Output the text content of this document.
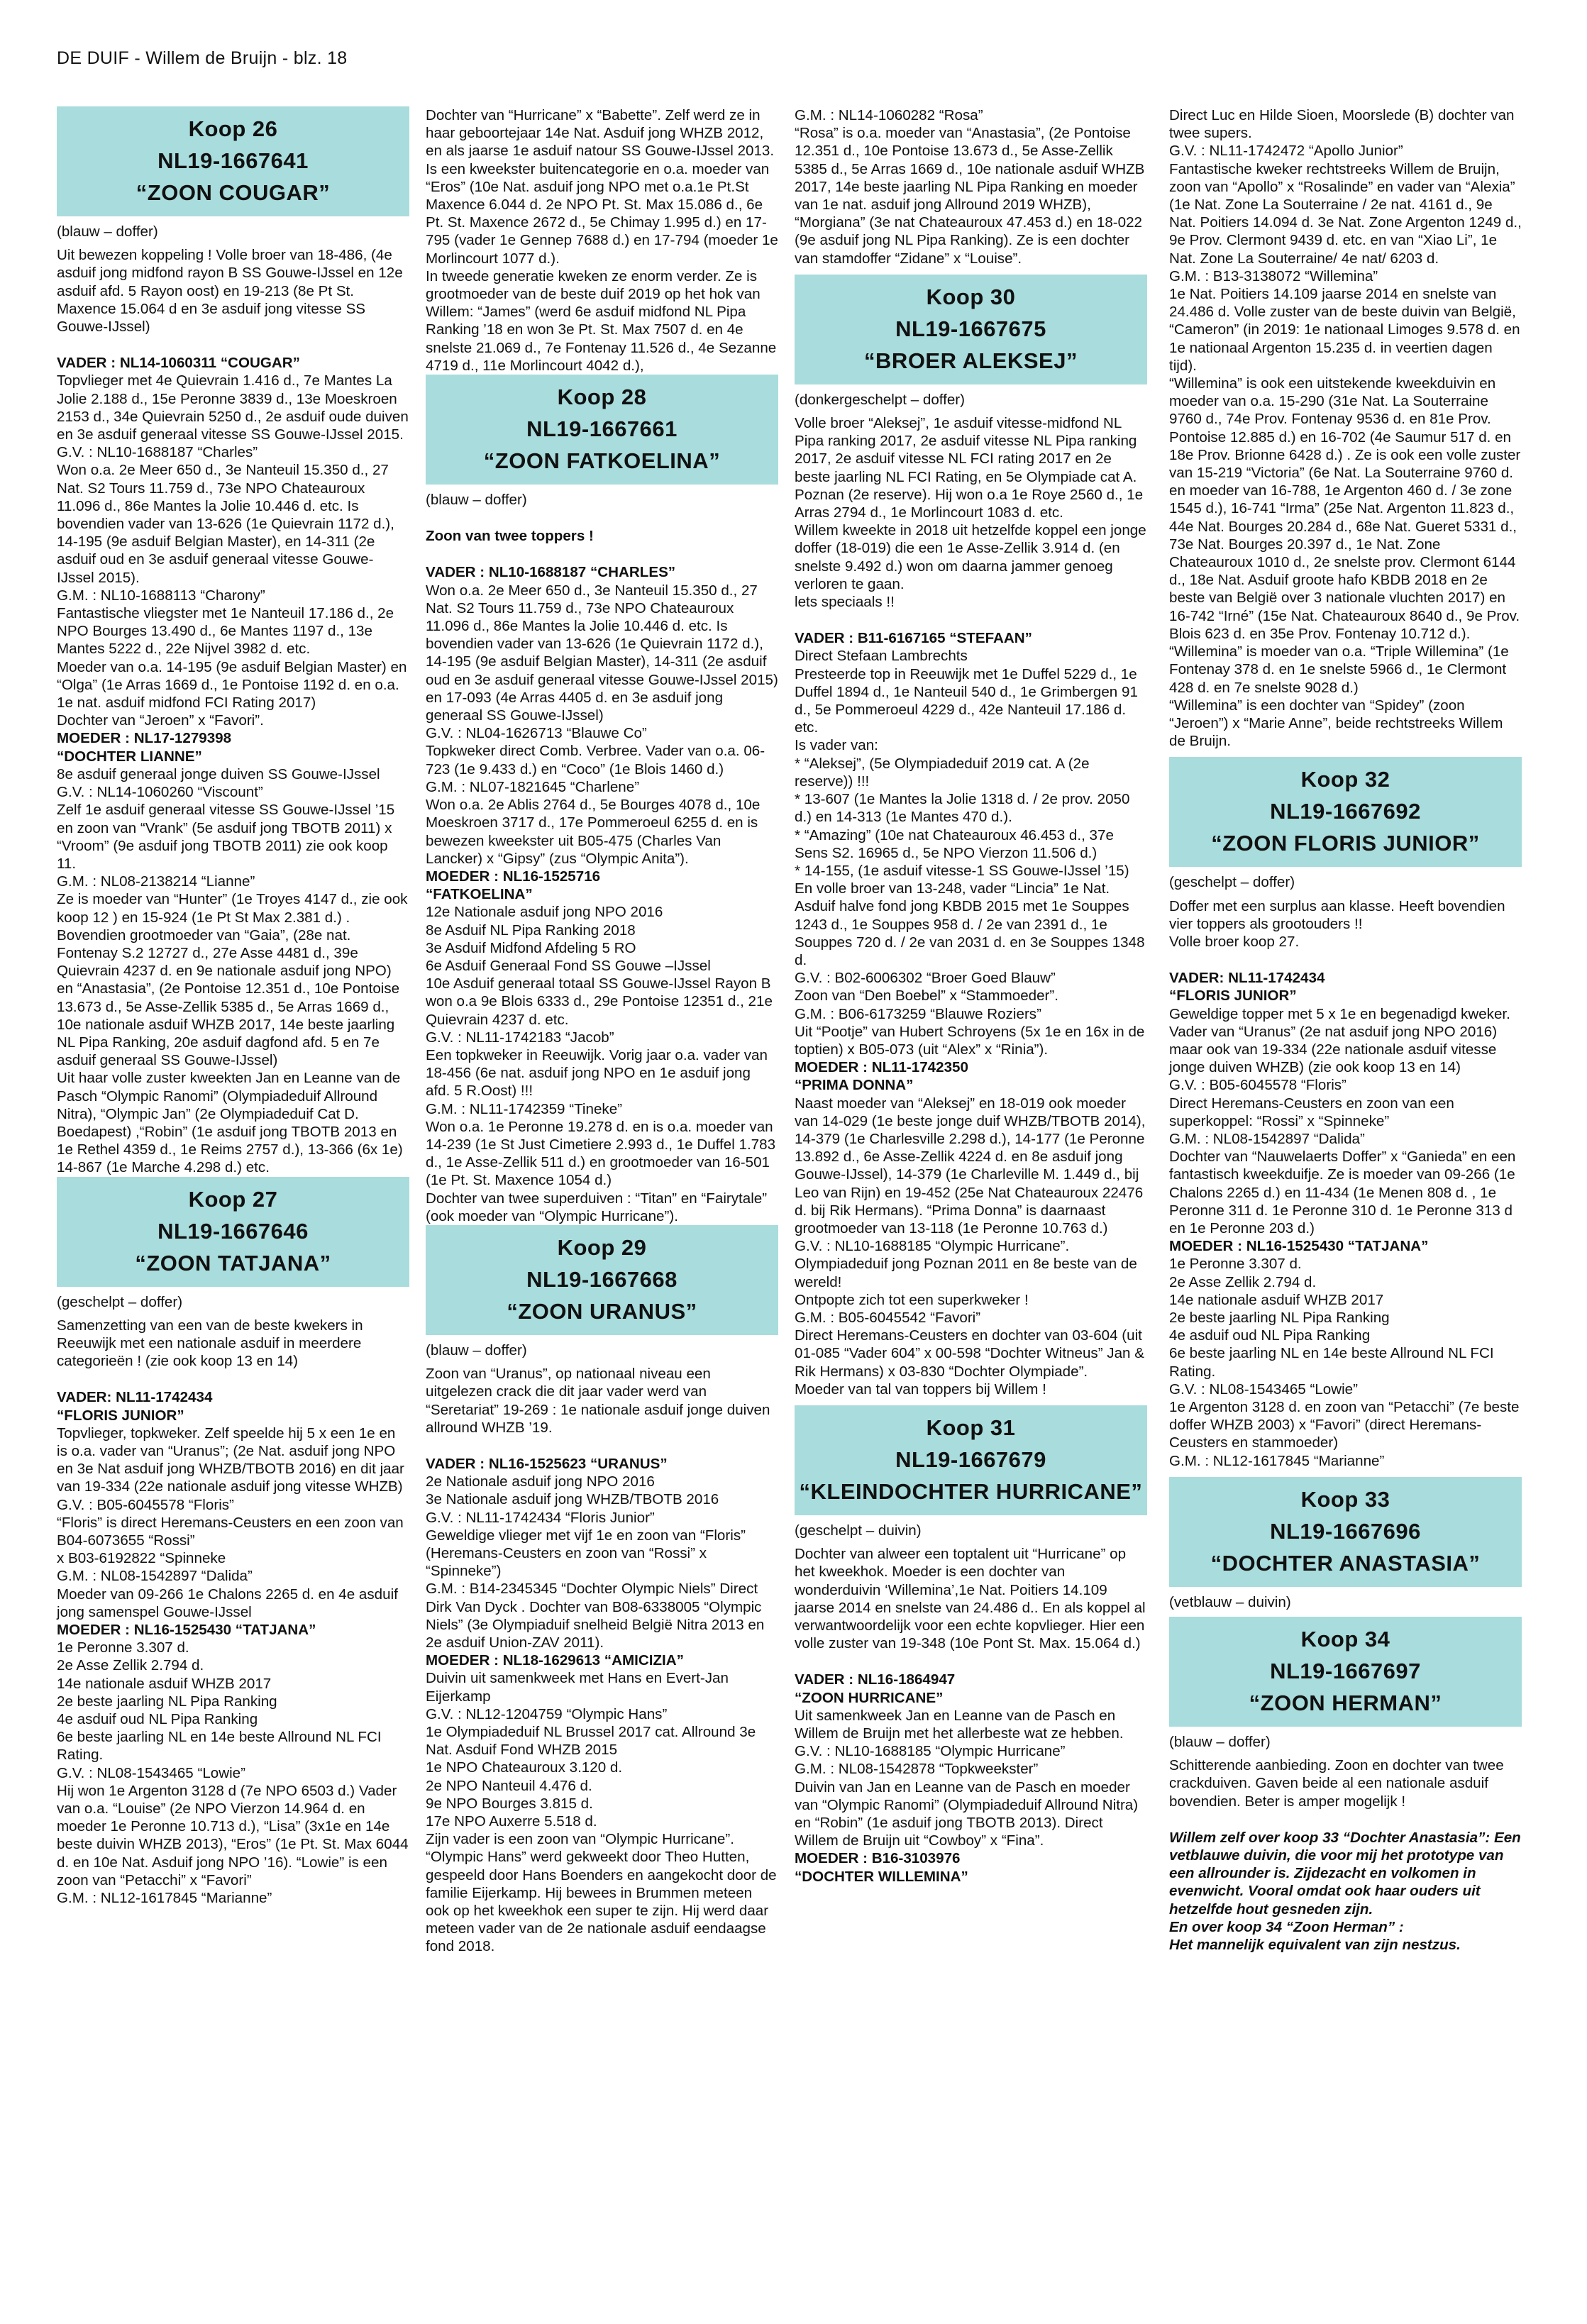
DE DUIF - Willem de Bruijn - blz. 18
Koop 26
NL19-1667641
“ZOON COUGAR”

(blauw – doffer)

Uit bewezen koppeling ! Volle broer van 18-486, (4e asduif jong midfond rayon B SS Gouwe-IJssel en 12e asduif afd. 5 Rayon oost) en 19-213 (8e Pt St. Maxence 15.064 d en 3e asduif jong vitesse SS Gouwe-IJssel)

VADER : NL14-1060311 “COUGAR”

Topvlieger met 4e Quievrain 1.416 d., 7e Mantes La Jolie 2.188 d., 15e Peronne 3839 d., 13e Moeskroen 2153 d., 34e Quievrain 5250 d., 2e asduif oude duiven en 3e asduif generaal vitesse SS Gouwe-IJssel 2015.

G.V. : NL10-1688187 “Charles”

Won o.a. 2e Meer 650 d., 3e Nanteuil 15.350 d., 27 Nat. S2 Tours 11.759 d., 73e NPO Chateauroux 11.096 d., 86e Mantes la Jolie 10.446 d. etc. Is bovendien vader van 13-626 (1e Quievrain 1172 d.), 14-195 (9e asduif Belgian Master), en 14-311 (2e asduif oud en 3e asduif generaal vitesse Gouwe-IJssel 2015).

G.M. : NL10-1688113 “Charony”

Fantastische vliegster met 1e Nanteuil 17.186 d., 2e NPO Bourges 13.490 d., 6e Mantes 1197 d., 13e Mantes 5222 d., 22e Nijvel 3982 d. etc.

Moeder van o.a. 14-195 (9e asduif Belgian Master) en “Olga” (1e Arras 1669 d., 1e Pontoise 1192 d. en o.a. 1e nat. asduif midfond FCI Rating 2017)

Dochter van “Jeroen” x “Favori”.

MOEDER : NL17-1279398

“DOCHTER LIANNE”

8e asduif generaal jonge duiven SS Gouwe-IJssel

G.V. : NL14-1060260 “Viscount”

Zelf 1e asduif generaal vitesse SS Gouwe-IJssel ’15 en zoon van “Vrank” (5e asduif jong TBOTB 2011) x “Vroom” (9e asduif jong TBOTB 2011) zie ook koop 11.

G.M. : NL08-2138214 “Lianne”

Ze is moeder van “Hunter” (1e Troyes 4147 d., zie ook koop 12 ) en 15-924 (1e Pt St Max 2.381 d.) . Bovendien grootmoeder van “Gaia”, (28e nat. Fontenay S.2 12727 d., 27e Asse 4481 d., 39e Quievrain 4237 d. en 9e nationale asduif jong NPO) en “Anastasia”, (2e Pontoise 12.351 d., 10e Pontoise 13.673 d., 5e Asse-Zellik 5385 d., 5e Arras 1669 d., 10e nationale asduif WHZB 2017, 14e beste jaarling NL Pipa Ranking, 20e asduif dagfond afd. 5 en 7e asduif generaal SS Gouwe-IJssel)

Uit haar volle zuster kweekten Jan en Leanne van de Pasch “Olympic Ranomi” (Olympiadeduif Allround Nitra), “Olympic Jan” (2e Olympiadeduif Cat D. Boedapest) ,“Robin” (1e asduif jong TBOTB 2013 en 1e Rethel 4359 d., 1e Reims 2757 d.), 13-366 (6x 1e) 14-867 (1e Marche 4.298 d.) etc.

Koop 27
NL19-1667646
“ZOON TATJANA”

(geschelpt – doffer)

Samenzetting van een van de beste kwekers in Reeuwijk met een nationale asduif in meerdere categorieën ! (zie ook koop 13 en 14)

VADER: NL11-1742434

“FLORIS JUNIOR”

Topvlieger, topkweker. Zelf speelde hij 5 x een 1e en is o.a. vader van “Uranus”; (2e Nat. asduif jong NPO en 3e Nat asduif jong WHZB/TBOTB 2016) en dit jaar van 19-334 (22e nationale asduif jong vitesse WHZB)

G.V. : B05-6045578 “Floris”

“Floris” is direct Heremans-Ceusters en een zoon van B04-6073655 “Rossi”

x B03-6192822 “Spinneke

G.M. : NL08-1542897 “Dalida”

Moeder van 09-266 1e Chalons 2265 d. en 4e asduif jong samenspel Gouwe-IJssel

MOEDER : NL16-1525430 “TATJANA”

1e Peronne 3.307 d.

2e Asse Zellik 2.794 d.

14e nationale asduif WHZB 2017

2e beste jaarling NL Pipa Ranking

4e asduif oud NL Pipa Ranking

6e beste jaarling NL en 14e beste Allround NL FCI Rating.

G.V. : NL08-1543465 “Lowie”

Hij won 1e Argenton 3128 d (7e NPO 6503 d.) Vader van o.a. “Louise” (2e NPO Vierzon 14.964 d. en moeder 1e Peronne 10.713 d.), “Lisa” (3x1e en 14e beste duivin WHZB 2013), “Eros” (1e Pt. St. Max 6044 d. en 10e Nat. Asduif jong NPO ’16). “Lowie” is een zoon van “Petacchi” x “Favori”

G.M. : NL12-1617845 “Marianne”

Dochter van “Hurricane” x “Babette”. Zelf werd ze in haar geboortejaar 14e Nat. Asduif jong WHZB 2012, en als jaarse 1e asduif natour SS Gouwe-IJssel 2013. Is een kweekster buitencategorie en o.a. moeder van “Eros” (10e Nat. asduif jong NPO met o.a.1e Pt.St Maxence 6.044 d. 2e NPO Pt. St. Max 15.086 d., 6e Pt. St. Maxence 2672 d., 5e Chimay 1.995 d.) en 17-795 (vader 1e Gennep 7688 d.) en 17-794 (moeder 1e Morlincourt 1077 d.).

In tweede generatie kweken ze enorm verder. Ze is grootmoeder van de beste duif 2019 op het hok van Willem: “James” (werd 6e asduif midfond NL Pipa Ranking ’18 en won 3e Pt. St. Max 7507 d. en 4e snelste 21.069 d., 7e Fontenay 11.526 d., 4e Sezanne 4719 d., 11e Morlincourt 4042 d.),

Koop 28
NL19-1667661
“ZOON FATKOELINA”

(blauw – doffer)

Zoon van twee toppers !

VADER : NL10-1688187 “CHARLES”

Won o.a. 2e Meer 650 d., 3e Nanteuil 15.350 d., 27 Nat. S2 Tours 11.759 d., 73e NPO Chateauroux 11.096 d., 86e Mantes la Jolie 10.446 d. etc. Is bovendien vader van 13-626 (1e Quievrain 1172 d.), 14-195 (9e asduif Belgian Master), 14-311 (2e asduif oud en 3e asduif generaal vitesse Gouwe-IJssel 2015) en 17-093 (4e Arras 4405 d. en 3e asduif jong generaal SS Gouwe-IJssel)

G.V. : NL04-1626713 “Blauwe Co”

Topkweker direct Comb. Verbree. Vader van o.a. 06-723 (1e 9.433 d.) en “Coco” (1e Blois 1460 d.)

G.M. : NL07-1821645 “Charlene”

Won o.a. 2e Ablis 2764 d., 5e Bourges 4078 d., 10e Moeskroen 3717 d., 17e Pommeroeul 6255 d. en is bewezen kweekster uit B05-475 (Charles Van Lancker) x “Gipsy” (zus “Olympic Anita”).

MOEDER : NL16-1525716

“FATKOELINA”

12e Nationale asduif jong NPO 2016

8e Asduif NL Pipa Ranking 2018

3e Asduif Midfond Afdeling 5 RO

6e Asduif Generaal Fond SS Gouwe –IJssel

10e Asduif generaal totaal SS Gouwe-IJssel Rayon B

won o.a 9e Blois 6333 d., 29e Pontoise 12351 d., 21e Quievrain 4237 d. etc.

G.V. : NL11-1742183 “Jacob”

Een topkweker in Reeuwijk. Vorig jaar o.a. vader van 18-456 (6e nat. asduif jong NPO en 1e asduif jong afd. 5 R.Oost) !!!

G.M. : NL11-1742359 “Tineke”

Won o.a. 1e Peronne 19.278 d. en is o.a. moeder van 14-239 (1e St Just Cimetiere 2.993 d., 1e Duffel 1.783 d., 1e Asse-Zellik 511 d.) en grootmoeder van 16-501 (1e Pt. St. Maxence 1054 d.)

Dochter van twee superduiven : “Titan” en “Fairytale” (ook moeder van “Olympic Hurricane”).

Koop 29
NL19-1667668
“ZOON URANUS”

(blauw – doffer)

Zoon van “Uranus”, op nationaal niveau een uitgelezen crack die dit jaar vader werd van “Seretariat” 19-269 : 1e nationale asduif jonge duiven allround WHZB ’19.

VADER : NL16-1525623 “URANUS”

2e Nationale asduif jong NPO 2016

3e Nationale asduif jong WHZB/TBOTB 2016

G.V. : NL11-1742434 “Floris Junior”

Geweldige vlieger met vijf 1e en zoon van “Floris” (Heremans-Ceusters en zoon van “Rossi” x “Spinneke”)

G.M. : B14-2345345 “Dochter Olympic Niels” Direct Dirk Van Dyck . Dochter van B08-6338005 “Olympic Niels” (3e Olympiaduif snelheid België Nitra 2013 en 2e asduif Union-ZAV 2011).

MOEDER : NL18-1629613 “AMICIZIA”

Duivin uit samenkweek met Hans en Evert-Jan Eijerkamp

G.V. : NL12-1204759 “Olympic Hans”

1e Olympiadeduif NL Brussel 2017 cat. Allround 3e Nat. Asduif Fond WHZB 2015

1e NPO Chateauroux 3.120 d.

2e NPO Nanteuil 4.476 d.

9e NPO Bourges 3.815 d.

17e NPO Auxerre 5.518 d.

Zijn vader is een zoon van “Olympic Hurricane”. “Olympic Hans” werd gekweekt door Theo Hutten, gespeeld door Hans Boenders en aangekocht door de familie Eijerkamp. Hij bewees in Brummen meteen ook op het kweekhok een super te zijn. Hij werd daar meteen vader van de 2e nationale asduif eendaagse fond 2018.

G.M. : NL14-1060282 “Rosa”

“Rosa” is o.a. moeder van “Anastasia”, (2e Pontoise 12.351 d., 10e Pontoise 13.673 d., 5e Asse-Zellik 5385 d., 5e Arras 1669 d., 10e nationale asduif WHZB 2017, 14e beste jaarling NL Pipa Ranking en moeder van 1e nat. asduif jong Allround 2019 WHZB), “Morgiana” (3e nat Chateauroux 47.453 d.) en 18-022 (9e asduif jong NL Pipa Ranking). Ze is een dochter van stamdoffer “Zidane” x “Louise”.

Koop 30
NL19-1667675
“BROER ALEKSEJ”

(donkergeschelpt – doffer)

Volle broer “Aleksej”, 1e asduif vitesse-midfond NL Pipa ranking 2017, 2e asduif vitesse NL Pipa ranking 2017, 2e asduif vitesse NL FCI rating 2017 en 2e beste jaarling NL FCI Rating, en 5e Olympiade cat A. Poznan (2e reserve). Hij won o.a 1e Roye 2560 d., 1e Arras 2794 d., 1e Morlincourt 1083 d. etc.

Willem kweekte in 2018 uit hetzelfde koppel een jonge doffer (18-019) die een 1e Asse-Zellik 3.914 d. (en snelste 9.492 d.) won om daarna jammer genoeg verloren te gaan.

lets speciaals !!

VADER : B11-6167165 “STEFAAN”

Direct Stefaan Lambrechts

Presteerde top in Reeuwijk met 1e Duffel 5229 d., 1e Duffel 1894 d., 1e Nanteuil 540 d., 1e Grimbergen 91 d., 5e Pommeroeul 4229 d., 42e Nanteuil 17.186 d. etc.

Is vader van:

* “Aleksej”, (5e Olympiadeduif 2019 cat. A (2e reserve)) !!!

* 13-607 (1e Mantes la Jolie 1318 d. / 2e prov. 2050 d.) en 14-313 (1e Mantes 470 d.).

* “Amazing” (10e nat Chateauroux 46.453 d., 37e Sens S2. 16965 d., 5e NPO Vierzon 11.506 d.)

* 14-155, (1e asduif vitesse-1 SS Gouwe-IJssel ’15) En volle broer van 13-248, vader “Lincia” 1e Nat. Asduif halve fond jong KBDB 2015 met 1e Souppes 1243 d., 1e Souppes 958 d. / 2e van 2391 d., 1e Souppes 720 d. / 2e van 2031 d. en 3e Souppes 1348 d.

G.V. : B02-6006302 “Broer Goed Blauw”

Zoon van “Den Boebel” x “Stammoeder”.

G.M. : B06-6173259 “Blauwe Roziers”

Uit “Pootje” van Hubert Schroyens (5x 1e en 16x in de toptien) x B05-073 (uit “Alex” x “Rinia”).

MOEDER : NL11-1742350

“PRIMA DONNA”

Naast moeder van “Aleksej” en 18-019 ook moeder van 14-029 (1e beste jonge duif WHZB/TBOTB 2014), 14-379 (1e Charlesville 2.298 d.), 14-177 (1e Peronne 13.892 d., 6e Asse-Zellik 4224 d. en 8e asduif jong Gouwe-IJssel), 14-379 (1e Charleville M. 1.449 d., bij Leo van Rijn) en 19-452 (25e Nat Chateauroux 22476 d. bij Rik Hermans). “Prima Donna” is daarnaast grootmoeder van 13-118 (1e Peronne 10.763 d.)

G.V. : NL10-1688185 “Olympic Hurricane”. Olympiadeduif jong Poznan 2011 en 8e beste van de wereld!

Ontpopte zich tot een superkweker !

G.M. : B05-6045542 “Favori”

Direct Heremans-Ceusters en dochter van 03-604 (uit 01-085 “Vader 604” x 00-598 “Dochter Witneus” Jan & Rik Hermans) x 03-830 “Dochter Olympiade”.

Moeder van tal van toppers bij Willem !

Koop 31
NL19-1667679
“KLEINDOCHTER HURRICANE”

(geschelpt – duivin)

Dochter van alweer een toptalent uit “Hurricane” op het kweekhok. Moeder is een dochter van wonderduivin ‘Willemina’,1e Nat. Poitiers 14.109 jaarse 2014 en snelste van 24.486 d.. En als koppel al verwantwoordelijk voor een echte kopvlieger. Hier een volle zuster van 19-348 (10e Pont St. Max. 15.064 d.)

VADER : NL16-1864947

“ZOON HURRICANE”

Uit samenkweek Jan en Leanne van de Pasch en Willem de Bruijn met het allerbeste wat ze hebben.

G.V. : NL10-1688185 “Olympic Hurricane”

G.M. : NL08-1542878 “Topkweekster”

Duivin van Jan en Leanne van de Pasch en moeder van “Olympic Ranomi” (Olympiadeduif Allround Nitra) en “Robin” (1e asduif jong TBOTB 2013). Direct Willem de Bruijn uit “Cowboy” x “Fina”.

MOEDER : B16-3103976

“DOCHTER WILLEMINA”

Direct Luc en Hilde Sioen, Moorslede (B) dochter van twee supers.

G.V. : NL11-1742472 “Apollo Junior”

Fantastische kweker rechtstreeks Willem de Bruijn, zoon van “Apollo” x “Rosalinde” en vader van “Alexia” (1e Nat. Zone La Souterraine / 2e nat. 4161 d., 9e Nat. Poitiers 14.094 d. 3e Nat. Zone Argenton 1249 d., 9e Prov. Clermont 9439 d. etc. en van “Xiao Li”, 1e Nat. Zone La Souterraine/ 4e nat/ 6203 d.

G.M. : B13-3138072 “Willemina”

1e Nat. Poitiers 14.109 jaarse 2014 en snelste van 24.486 d. Volle zuster van de beste duivin van België, “Cameron” (in 2019: 1e nationaal Limoges 9.578 d. en 1e nationaal Argenton 15.235 d. in veertien dagen tijd).

“Willemina” is ook een uitstekende kweekduivin en moeder van o.a. 15-290 (31e Nat. La Souterraine 9760 d., 74e Prov. Fontenay 9536 d. en 81e Prov. Pontoise 12.885 d.) en 16-702 (4e Saumur 517 d. en 18e Prov. Brionne 6428 d.) . Ze is ook een volle zuster van 15-219 “Victoria” (6e Nat. La Souterraine 9760 d. en moeder van 16-788, 1e Argenton 460 d. / 3e zone 1545 d.), 16-741 “Irma” (25e Nat. Argenton 11.823 d., 44e Nat. Bourges 20.284 d., 68e Nat. Gueret 5331 d., 73e Nat. Bourges 20.397 d., 1e Nat. Zone Chateauroux 1010 d., 2e snelste prov. Clermont 6144 d., 18e Nat. Asduif groote hafo KBDB 2018 en 2e beste van België over 3 nationale vluchten 2017) en 16-742 “Irné” (15e Nat. Chateauroux 8640 d., 9e Prov. Blois 623 d. en 35e Prov. Fontenay 10.712 d.).

“Willemina” is moeder van o.a. “Triple Willemina” (1e Fontenay 378 d. en 1e snelste 5966 d., 1e Clermont 428 d. en 7e snelste 9028 d.)

“Willemina” is een dochter van “Spidey” (zoon “Jeroen”) x “Marie Anne”, beide rechtstreeks Willem de Bruijn.

Koop 32
NL19-1667692
“ZOON FLORIS JUNIOR”

(geschelpt – doffer)

Doffer met een surplus aan klasse. Heeft bovendien vier toppers als grootouders !!

Volle broer koop 27.

VADER: NL11-1742434

“FLORIS JUNIOR”

Geweldige topper met 5 x 1e en begenadigd kweker. Vader van “Uranus” (2e nat asduif jong NPO 2016) maar ook van 19-334 (22e nationale asduif vitesse jonge duiven WHZB) (zie ook koop 13 en 14)

G.V. : B05-6045578 “Floris”

Direct Heremans-Ceusters en zoon van een superkoppel: “Rossi” x “Spinneke”

G.M. : NL08-1542897 “Dalida”

Dochter van “Nauwelaerts Doffer” x “Ganieda” en een fantastisch kweekduifje. Ze is moeder van 09-266 (1e Chalons 2265 d.) en 11-434 (1e Menen 808 d. , 1e Peronne 311 d. 1e Peronne 310 d. 1e Peronne 313 d en 1e Peronne 203 d.)

MOEDER : NL16-1525430 “TATJANA”

1e Peronne 3.307 d.

2e Asse Zellik 2.794 d.

14e nationale asduif WHZB 2017

2e beste jaarling NL Pipa Ranking

4e asduif oud NL Pipa Ranking

6e beste jaarling NL en 14e beste Allround NL FCI Rating.

G.V. : NL08-1543465 “Lowie”

1e Argenton 3128 d. en zoon van “Petacchi” (7e beste doffer WHZB 2003) x “Favori” (direct Heremans-Ceusters en stammoeder)

G.M. : NL12-1617845 “Marianne”

Koop 33
NL19-1667696
“DOCHTER ANASTASIA”

(vetblauw – duivin)

Koop 34
NL19-1667697
“ZOON HERMAN”

(blauw – doffer)

Schitterende aanbieding. Zoon en dochter van twee crackduiven. Gaven beide al een nationale asduif bovendien. Beter is amper mogelijk !

Willem zelf over koop 33 “Dochter Anastasia”: Een vetblauwe duivin, die voor mij het prototype van een allrounder is. Zijdezacht en volkomen in evenwicht. Vooral omdat ook haar ouders uit hetzelfde hout gesneden zijn.

En over koop 34 “Zoon Herman” :

Het mannelijk equivalent van zijn nestzus.
